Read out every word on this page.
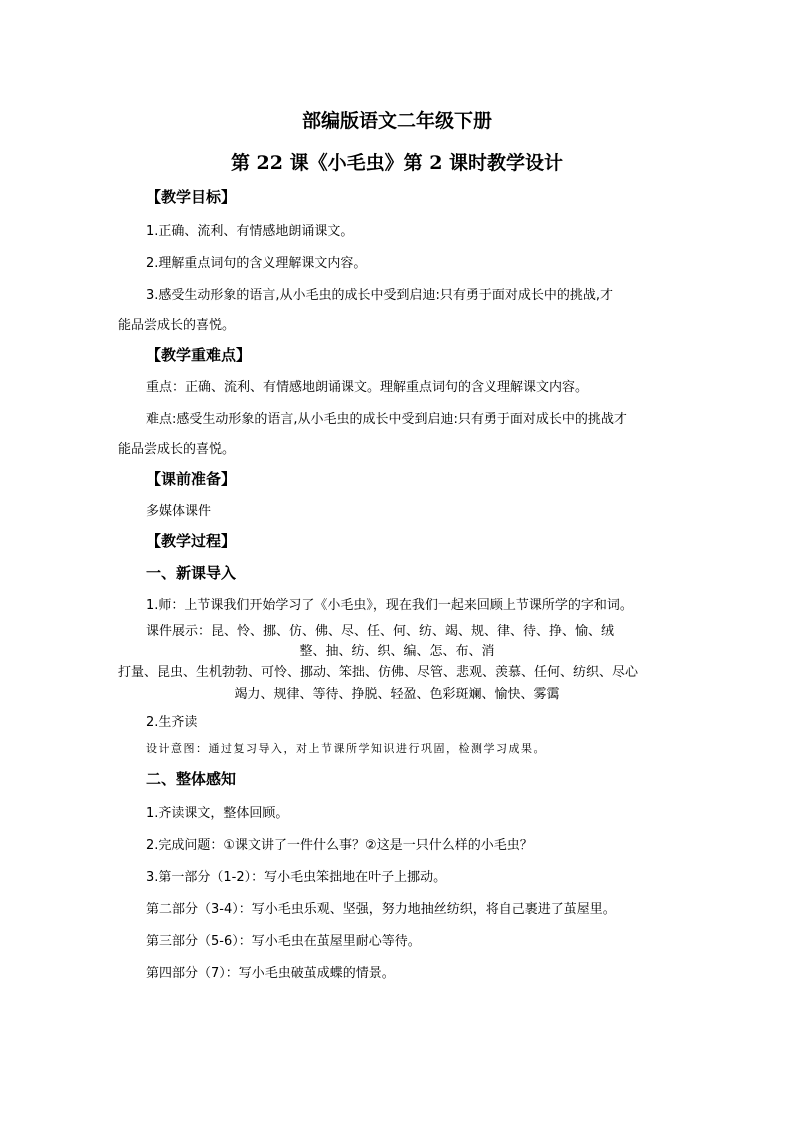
部编版语文二年级下册
第 22 课《小毛虫》第 2 课时教学设计
【教学目标】
1.正确、流利、有情感地朗诵课文。
2.理解重点词句的含义理解课文内容。
3.感受生动形象的语言,从小毛虫的成长中受到启迪:只有勇于面对成长中的挑战,才
能品尝成长的喜悦。
【教学重难点】
重点：正确、流利、有情感地朗诵课文。理解重点词句的含义理解课文内容。
难点:感受生动形象的语言,从小毛虫的成长中受到启迪:只有勇于面对成长中的挑战才
能品尝成长的喜悦。
【课前准备】
多媒体课件
【教学过程】
一、新课导入
1.师：上节课我们开始学习了《小毛虫》，现在我们一起来回顾上节课所学的字和词。
课件展示：昆、怜、挪、仿、佛、尽、任、何、纺、竭、规、律、待、挣、愉、绒
整、抽、纺、织、编、怎、布、消
打量、昆虫、生机勃勃、可怜、挪动、笨拙、仿佛、尽管、悲观、羡慕、任何、纺织、尽心
竭力、规律、等待、挣脱、轻盈、色彩斑斓、愉快、雾霭
2.生齐读
设计意图：通过复习导入，对上节课所学知识进行巩固，检测学习成果。
二、整体感知
1.齐读课文，整体回顾。
2.完成问题：①课文讲了一件什么事？②这是一只什么样的小毛虫？
3.第一部分（1-2）：写小毛虫笨拙地在叶子上挪动。
第二部分（3-4）：写小毛虫乐观、坚强，努力地抽丝纺织，将自己裹进了茧屋里。
第三部分（5-6）：写小毛虫在茧屋里耐心等待。
第四部分（7）：写小毛虫破茧成蝶的情景。
